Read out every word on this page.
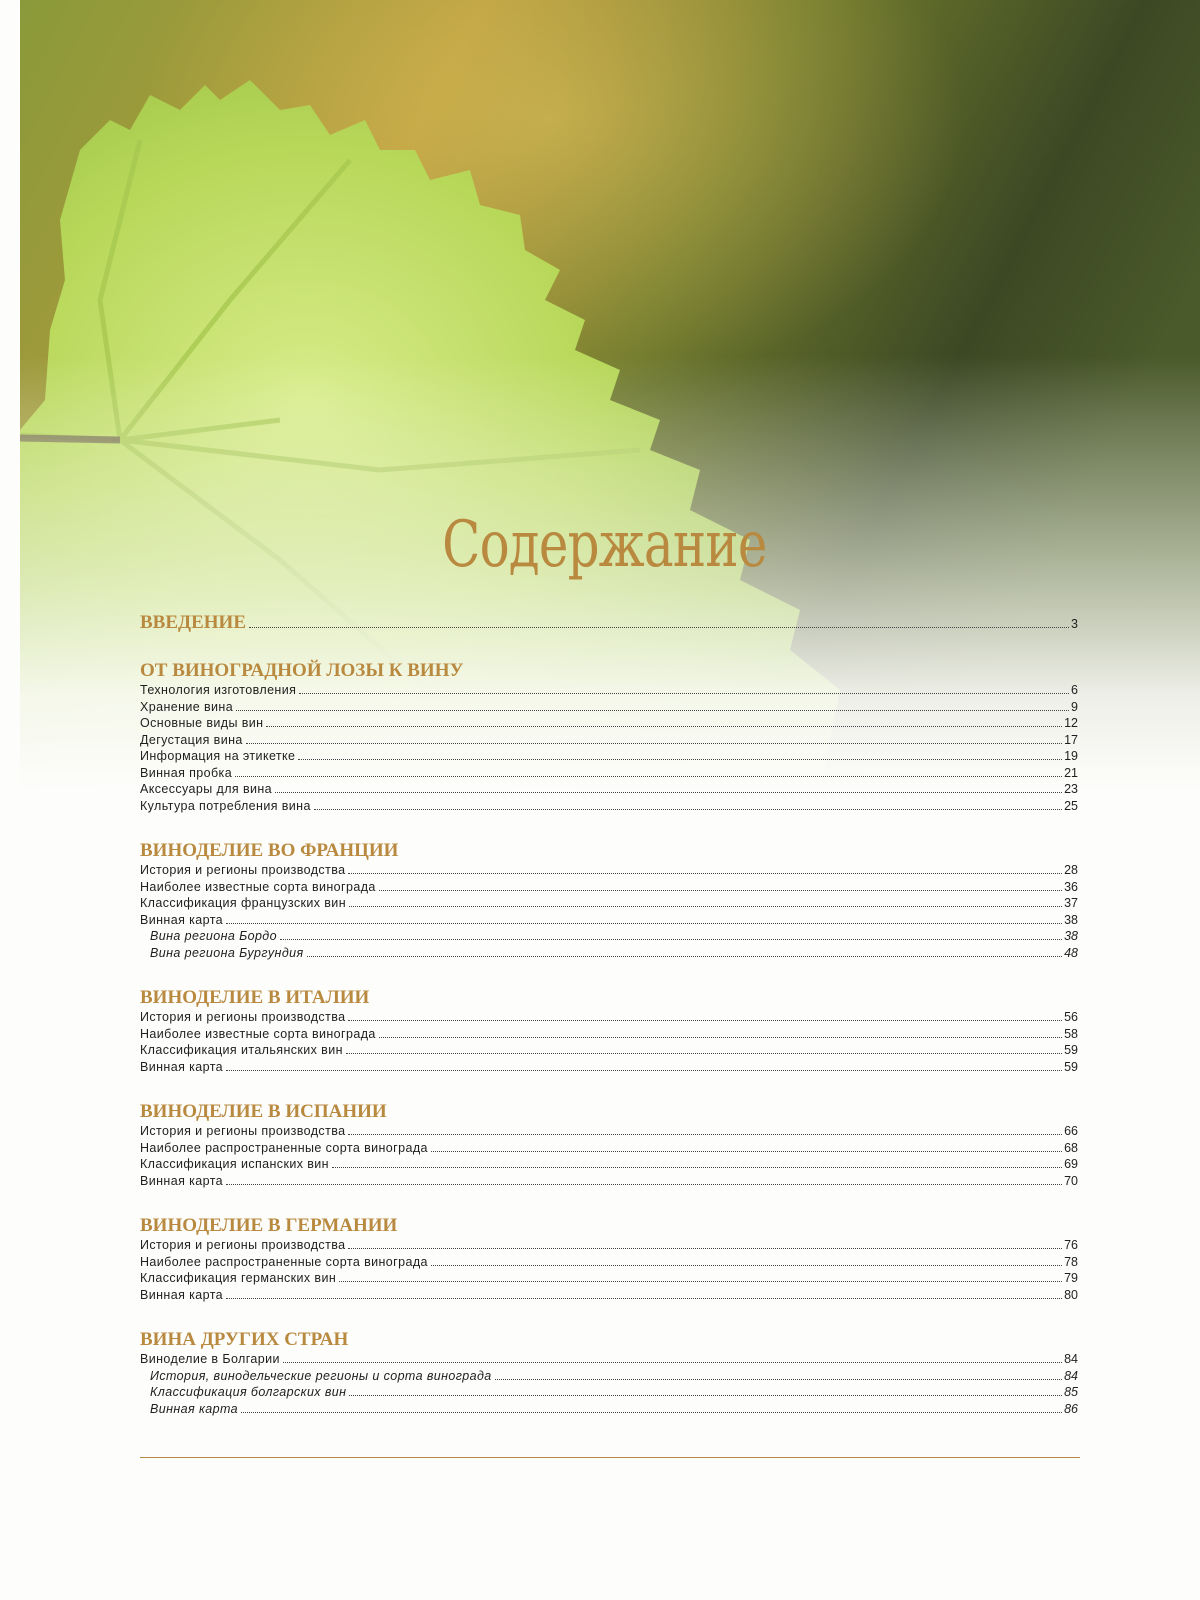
Содержание
ВВЕДЕНИЕ	3
ОТ ВИНОГРАДНОЙ ЛОЗЫ К ВИНУ
Технология изготовления	6
Хранение вина	9
Основные виды вин	12
Дегустация вина	17
Информация на этикетке	19
Винная пробка	21
Аксессуары для вина	23
Культура потребления вина	25
ВИНОДЕЛИЕ ВО ФРАНЦИИ
История и регионы производства	28
Наиболее известные сорта винограда	36
Классификация французских вин	37
Винная карта	38
Вина региона Бордо	38
Вина региона Бургундия	48
ВИНОДЕЛИЕ В ИТАЛИИ
История и регионы производства	56
Наиболее известные сорта винограда	58
Классификация итальянских вин	59
Винная карта	59
ВИНОДЕЛИЕ В ИСПАНИИ
История и регионы производства	66
Наиболее распространенные сорта винограда	68
Классификация испанских вин	69
Винная карта	70
ВИНОДЕЛИЕ В ГЕРМАНИИ
История и регионы производства	76
Наиболее распространенные сорта винограда	78
Классификация германских вин	79
Винная карта	80
ВИНА ДРУГИХ СТРАН
Виноделие в Болгарии	84
История, винодельческие регионы и сорта винограда	84
Классификация болгарских вин	85
Винная карта	86
